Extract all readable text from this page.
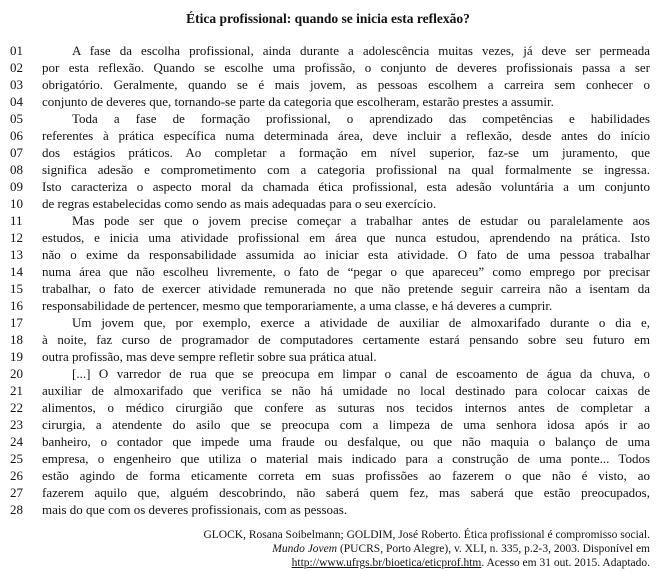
Ética profissional: quando se inicia esta reflexão?
01	A fase da escolha profissional, ainda durante a adolescência muitas vezes, já deve ser permeada
02	por esta reflexão. Quando se escolhe uma profissão, o conjunto de deveres profissionais passa a ser
03	obrigatório. Geralmente, quando se é mais jovem, as pessoas escolhem a carreira sem conhecer o
04	conjunto de deveres que, tornando-se parte da categoria que escolheram, estarão prestes a assumir.
05	Toda a fase de formação profissional, o aprendizado das competências e habilidades
06	referentes à prática específica numa determinada área, deve incluir a reflexão, desde antes do início
07	dos estágios práticos. Ao completar a formação em nível superior, faz-se um juramento, que
08	significa adesão e comprometimento com a categoria profissional na qual formalmente se ingressa.
09	Isto caracteriza o aspecto moral da chamada ética profissional, esta adesão voluntária a um conjunto
10	de regras estabelecidas como sendo as mais adequadas para o seu exercício.
11	Mas pode ser que o jovem precise começar a trabalhar antes de estudar ou paralelamente aos
12	estudos, e inicia uma atividade profissional em área que nunca estudou, aprendendo na prática. Isto
13	não o exime da responsabilidade assumida ao iniciar esta atividade. O fato de uma pessoa trabalhar
14	numa área que não escolheu livremente, o fato de “pegar o que apareceu” como emprego por precisar
15	trabalhar, o fato de exercer atividade remunerada no que não pretende seguir carreira não a isentam da
16	responsabilidade de pertencer, mesmo que temporariamente, a uma classe, e há deveres a cumprir.
17	Um jovem que, por exemplo, exerce a atividade de auxiliar de almoxarifado durante o dia e,
18	à noite, faz curso de programador de computadores certamente estará pensando sobre seu futuro em
19	outra profissão, mas deve sempre refletir sobre sua prática atual.
20	[...] O varredor de rua que se preocupa em limpar o canal de escoamento de água da chuva, o
21	auxiliar de almoxarifado que verifica se não há umidade no local destinado para colocar caixas de
22	alimentos, o médico cirurgião que confere as suturas nos tecidos internos antes de completar a
23	cirurgia, a atendente do asilo que se preocupa com a limpeza de uma senhora idosa após ir ao
24	banheiro, o contador que impede uma fraude ou desfalque, ou que não maquia o balanço de uma
25	empresa, o engenheiro que utiliza o material mais indicado para a construção de uma ponte... Todos
26	estão agindo de forma eticamente correta em suas profissões ao fazerem o que não é visto, ao
27	fazerem aquilo que, alguém descobrindo, não saberá quem fez, mas saberá que estão preocupados,
28	mais do que com os deveres profissionais, com as pessoas.
GLOCK, Rosana Soibelmann; GOLDIM, José Roberto. Ética profissional é compromisso social.
Mundo Jovem (PUCRS, Porto Alegre), v. XLI, n. 335, p.2-3, 2003. Disponível em
http://www.ufrgs.br/bioetica/eticprof.htm. Acesso em 31 out. 2015. Adaptado.
